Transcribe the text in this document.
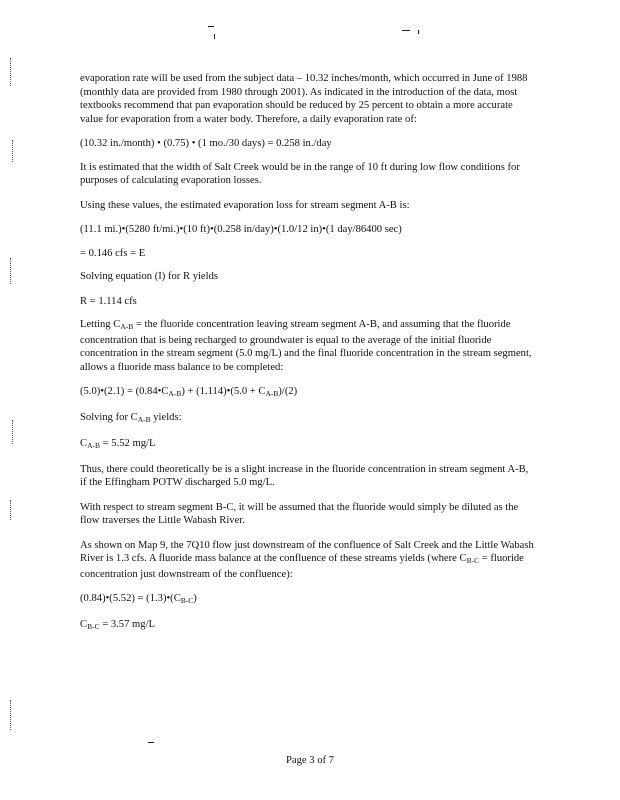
evaporation rate will be used from the subject data – 10.32 inches/month, which occurred in June of 1988 (monthly data are provided from 1980 through 2001). As indicated in the introduction of the data, most textbooks recommend that pan evaporation should be reduced by 25 percent to obtain a more accurate value for evaporation from a water body. Therefore, a daily evaporation rate of:

(10.32 in./month) • (0.75) • (1 mo./30 days) = 0.258 in./day

It is estimated that the width of Salt Creek would be in the range of 10 ft during low flow conditions for purposes of calculating evaporation losses.

Using these values, the estimated evaporation loss for stream segment A-B is:

(11.1 mi.)•(5280 ft/mi.)•(10 ft)•(0.258 in/day)•(1.0/12 in)•(1 day/86400 sec)

= 0.146 cfs = E

Solving equation (I) for R yields

R = 1.114 cfs

Letting $C_{A-B}$ = the fluoride concentration leaving stream segment A-B, and assuming that the fluoride concentration that is being recharged to groundwater is equal to the average of the initial fluoride concentration in the stream segment (5.0 mg/L) and the final fluoride concentration in the stream segment, allows a fluoride mass balance to be completed:

(5.0)•(2.1) = $(0.84•C_{A-B})$ + (1.114)•(5.0 + $C_{A-B})/(2)$

Solving for $C_{A-B}$ yields:

$C_{A-B} = 5.52$ mg/L

Thus, there could theoretically be is a slight increase in the fluoride concentration in stream segment A-B, if the Effingham POTW discharged 5.0 mg/L.

With respect to stream segment B-C, it will be assumed that the fluoride would simply be diluted as the flow traverses the Little Wabash River.

As shown on Map 9, the 7Q10 flow just downstream of the confluence of Salt Creek and the Little Wabash River is 1.3 cfs. A fluoride mass balance at the confluence of these streams yields (where $C_{B-C}$ = fluoride concentration just downstream of the confluence):

(0.84)•(5.52) = $(1.3)•(C_{B-C})$

$C_{B-C} = 3.57$ mg/L

Page 3 of 7
